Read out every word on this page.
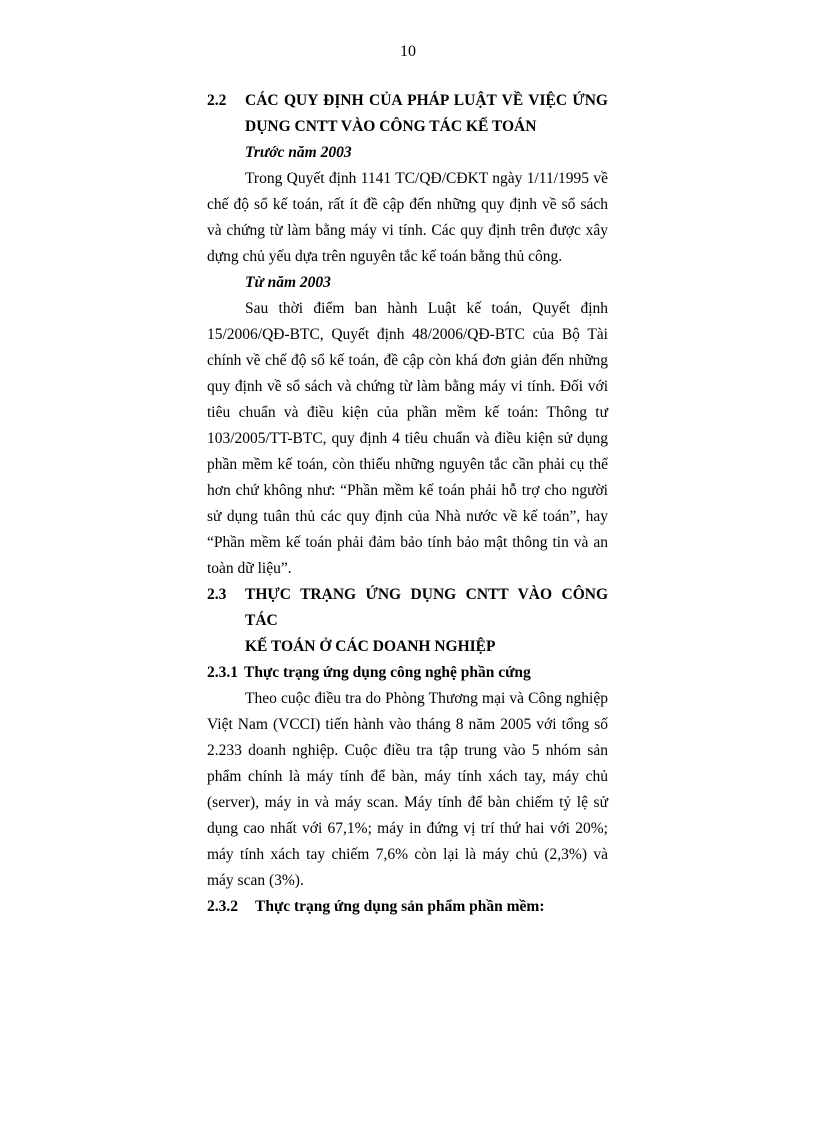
10
2.2	CÁC QUY ĐỊNH CỦA PHÁP LUẬT VỀ VIỆC ỨNG
DỤNG CNTT VÀO CÔNG TÁC KẾ TOÁN
Trước năm 2003

Trong Quyết định 1141 TC/QĐ/CĐKT ngày 1/11/1995 về chế độ sổ kế toán, rất ít đề cập đến những quy định về sổ sách và chứng từ làm bằng máy vi tính. Các quy định trên được xây dựng chủ yếu dựa trên nguyên tắc kế toán bằng thủ công.

Từ năm 2003

Sau thời điểm ban hành Luật kế toán, Quyết định 15/2006/QĐ-BTC, Quyết định 48/2006/QĐ-BTC của Bộ Tài chính về chế độ sổ kế toán, đề cập còn khá đơn giản đến những quy định về sổ sách và chứng từ làm bằng máy vi tính. Đối với tiêu chuẩn và điều kiện của phần mềm kế toán: Thông tư 103/2005/TT-BTC, quy định 4 tiêu chuẩn và điều kiện sử dụng phần mềm kế toán, còn thiếu những nguyên tắc cần phải cụ thể hơn chứ không như: “Phần mềm kế toán phải hỗ trợ cho người sử dụng tuân thủ các quy định của Nhà nước về kế toán”, hay “Phần mềm kế toán phải đảm bảo tính bảo mật thông tin và an toàn dữ liệu”.

2.3	THỰC TRẠNG ỨNG DỤNG CNTT VÀO CÔNG TÁC
KẾ TOÁN Ở CÁC DOANH NGHIỆP
2.3.1 Thực trạng ứng dụng công nghệ phần cứng

Theo cuộc điều tra do Phòng Thương mại và Công nghiệp Việt Nam (VCCI) tiến hành vào tháng 8 năm 2005 với tổng số 2.233 doanh nghiệp. Cuộc điều tra tập trung vào 5 nhóm sản phẩm chính là máy tính để bàn, máy tính xách tay, máy chủ (server), máy in và máy scan. Máy tính để bàn chiếm tỷ lệ sử dụng cao nhất với 67,1%; máy in đứng vị trí thứ hai với 20%; máy tính xách tay chiếm 7,6% còn lại là máy chủ (2,3%) và máy scan (3%).

2.3.2	Thực trạng ứng dụng sản phẩm phần mềm:
